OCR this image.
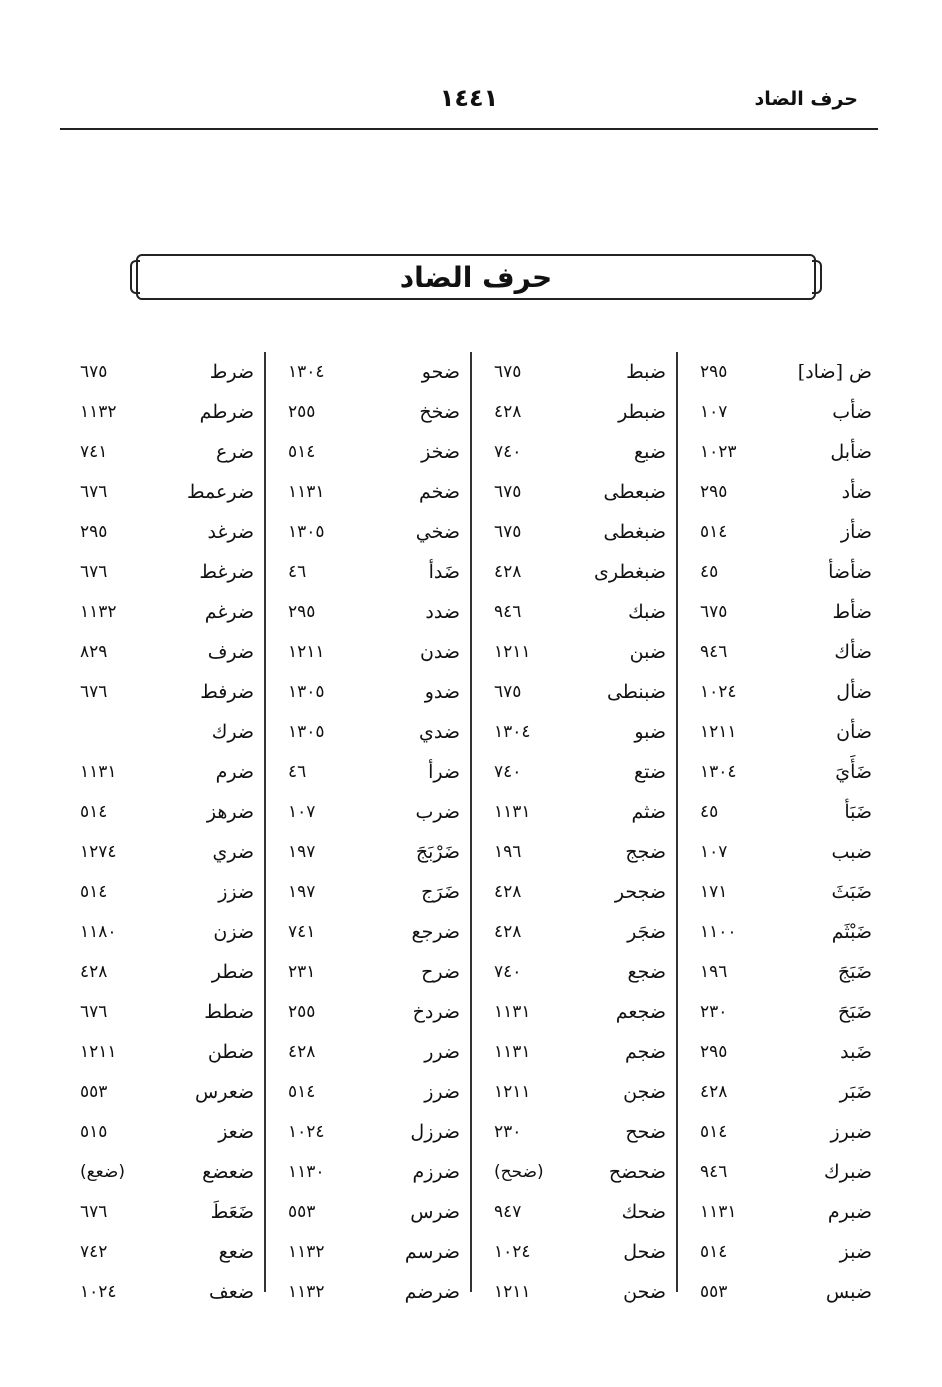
حرف الضاد
١٤٤١
حرف الضاد
ض [ضاد]
٢٩٥
ضأب
١٠٧
ضأبل
١٠٢٣
ضأد
٢٩٥
ضأز
٥١٤
ضأضأ
٤٥
ضأط
٦٧٥
ضأك
٩٤٦
ضأل
١٠٢٤
ضأن
١٢١١
ضَأَيَ
١٣٠٤
ضَبَأ
٤٥
ضبب
١٠٧
ضَبَثَ
١٧١
ضَبْثَم
١١٠٠
ضَبَجَ
١٩٦
ضَبَحَ
٢٣٠
ضَبد
٢٩٥
ضَبَر
٤٢٨
ضبرز
٥١٤
ضبرك
٩٤٦
ضبرم
١١٣١
ضبز
٥١٤
ضبس
٥٥٣
ضبط
٦٧٥
ضبطر
٤٢٨
ضبع
٧٤٠
ضبعطى
٦٧٥
ضبغطى
٦٧٥
ضبغطرى
٤٢٨
ضبك
٩٤٦
ضبن
١٢١١
ضبنطى
٦٧٥
ضبو
١٣٠٤
ضتع
٧٤٠
ضثم
١١٣١
ضجج
١٩٦
ضجحر
٤٢٨
ضجَر
٤٢٨
ضجع
٧٤٠
ضجعم
١١٣١
ضجم
١١٣١
ضجن
١٢١١
ضحح
٢٣٠
ضحضح
(ضحح)
ضحك
٩٤٧
ضحل
١٠٢٤
ضحن
١٢١١
ضحو
١٣٠٤
ضخخ
٢٥٥
ضخز
٥١٤
ضخم
١١٣١
ضخي
١٣٠٥
ضَدأ
٤٦
ضدد
٢٩٥
ضدن
١٢١١
ضدو
١٣٠٥
ضدي
١٣٠٥
ضرأ
٤٦
ضرب
١٠٧
ضَرْبَجَ
١٩٧
ضَرَج
١٩٧
ضرجع
٧٤١
ضرح
٢٣١
ضردخ
٢٥٥
ضرر
٤٢٨
ضرز
٥١٤
ضرزل
١٠٢٤
ضرزم
١١٣٠
ضرس
٥٥٣
ضرسم
١١٣٢
ضرضم
١١٣٢
ضرط
٦٧٥
ضرطم
١١٣٢
ضرع
٧٤١
ضرعمط
٦٧٦
ضرغد
٢٩٥
ضرغط
٦٧٦
ضرغم
١١٣٢
ضرف
٨٢٩
ضرفط
٦٧٦
ضرك
ضرم
١١٣١
ضرهز
٥١٤
ضري
١٢٧٤
ضزز
٥١٤
ضزن
١١٨٠
ضطر
٤٢٨
ضطط
٦٧٦
ضطن
١٢١١
ضعرس
٥٥٣
ضعز
٥١٥
ضعضع
(ضعع)
ضَعَطَ
٦٧٦
ضعع
٧٤٢
ضعف
١٠٢٤
